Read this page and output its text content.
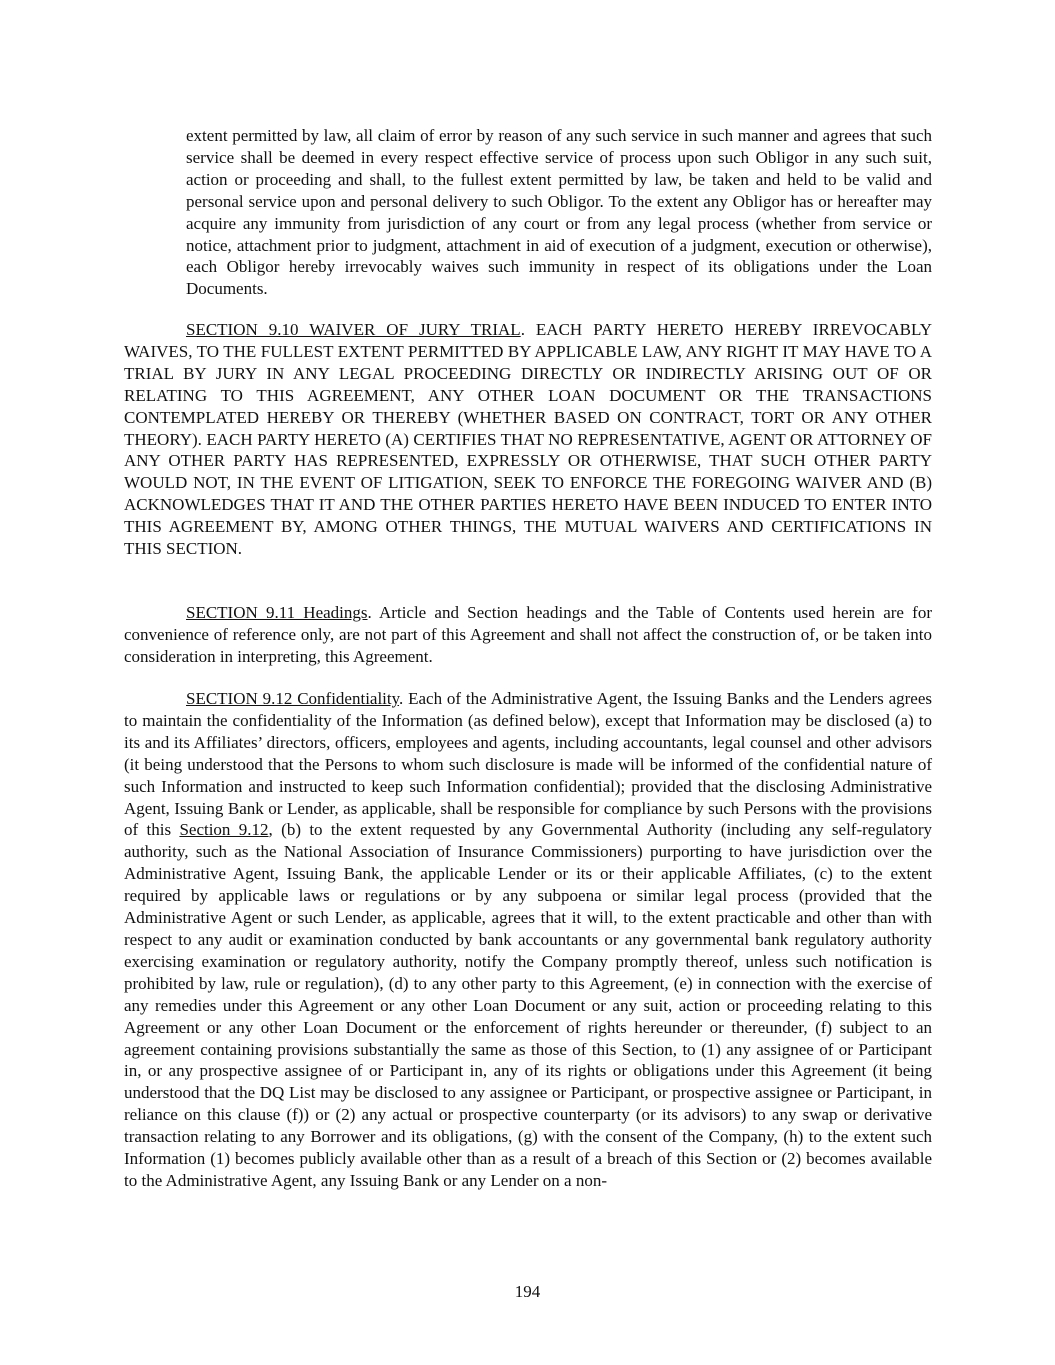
extent permitted by law, all claim of error by reason of any such service in such manner and agrees that such service shall be deemed in every respect effective service of process upon such Obligor in any such suit, action or proceeding and shall, to the fullest extent permitted by law, be taken and held to be valid and personal service upon and personal delivery to such Obligor. To the extent any Obligor has or hereafter may acquire any immunity from jurisdiction of any court or from any legal process (whether from service or notice, attachment prior to judgment, attachment in aid of execution of a judgment, execution or otherwise), each Obligor hereby irrevocably waives such immunity in respect of its obligations under the Loan Documents.

SECTION 9.10 WAIVER OF JURY TRIAL. EACH PARTY HERETO HEREBY IRREVOCABLY WAIVES, TO THE FULLEST EXTENT PERMITTED BY APPLICABLE LAW, ANY RIGHT IT MAY HAVE TO A TRIAL BY JURY IN ANY LEGAL PROCEEDING DIRECTLY OR INDIRECTLY ARISING OUT OF OR RELATING TO THIS AGREEMENT, ANY OTHER LOAN DOCUMENT OR THE TRANSACTIONS CONTEMPLATED HEREBY OR THEREBY (WHETHER BASED ON CONTRACT, TORT OR ANY OTHER THEORY). EACH PARTY HERETO (A) CERTIFIES THAT NO REPRESENTATIVE, AGENT OR ATTORNEY OF ANY OTHER PARTY HAS REPRESENTED, EXPRESSLY OR OTHERWISE, THAT SUCH OTHER PARTY WOULD NOT, IN THE EVENT OF LITIGATION, SEEK TO ENFORCE THE FOREGOING WAIVER AND (B) ACKNOWLEDGES THAT IT AND THE OTHER PARTIES HERETO HAVE BEEN INDUCED TO ENTER INTO THIS AGREEMENT BY, AMONG OTHER THINGS, THE MUTUAL WAIVERS AND CERTIFICATIONS IN THIS SECTION.

SECTION 9.11 Headings. Article and Section headings and the Table of Contents used herein are for convenience of reference only, are not part of this Agreement and shall not affect the construction of, or be taken into consideration in interpreting, this Agreement.

SECTION 9.12 Confidentiality. Each of the Administrative Agent, the Issuing Banks and the Lenders agrees to maintain the confidentiality of the Information (as defined below), except that Information may be disclosed (a) to its and its Affiliates’ directors, officers, employees and agents, including accountants, legal counsel and other advisors (it being understood that the Persons to whom such disclosure is made will be informed of the confidential nature of such Information and instructed to keep such Information confidential); provided that the disclosing Administrative Agent, Issuing Bank or Lender, as applicable, shall be responsible for compliance by such Persons with the provisions of this Section 9.12, (b) to the extent requested by any Governmental Authority (including any self-regulatory authority, such as the National Association of Insurance Commissioners) purporting to have jurisdiction over the Administrative Agent, Issuing Bank, the applicable Lender or its or their applicable Affiliates, (c) to the extent required by applicable laws or regulations or by any subpoena or similar legal process (provided that the Administrative Agent or such Lender, as applicable, agrees that it will, to the extent practicable and other than with respect to any audit or examination conducted by bank accountants or any governmental bank regulatory authority exercising examination or regulatory authority, notify the Company promptly thereof, unless such notification is prohibited by law, rule or regulation), (d) to any other party to this Agreement, (e) in connection with the exercise of any remedies under this Agreement or any other Loan Document or any suit, action or proceeding relating to this Agreement or any other Loan Document or the enforcement of rights hereunder or thereunder, (f) subject to an agreement containing provisions substantially the same as those of this Section, to (1) any assignee of or Participant in, or any prospective assignee of or Participant in, any of its rights or obligations under this Agreement (it being understood that the DQ List may be disclosed to any assignee or Participant, or prospective assignee or Participant, in reliance on this clause (f)) or (2) any actual or prospective counterparty (or its advisors) to any swap or derivative transaction relating to any Borrower and its obligations, (g) with the consent of the Company, (h) to the extent such Information (1) becomes publicly available other than as a result of a breach of this Section or (2) becomes available to the Administrative Agent, any Issuing Bank or any Lender on a non-

194
